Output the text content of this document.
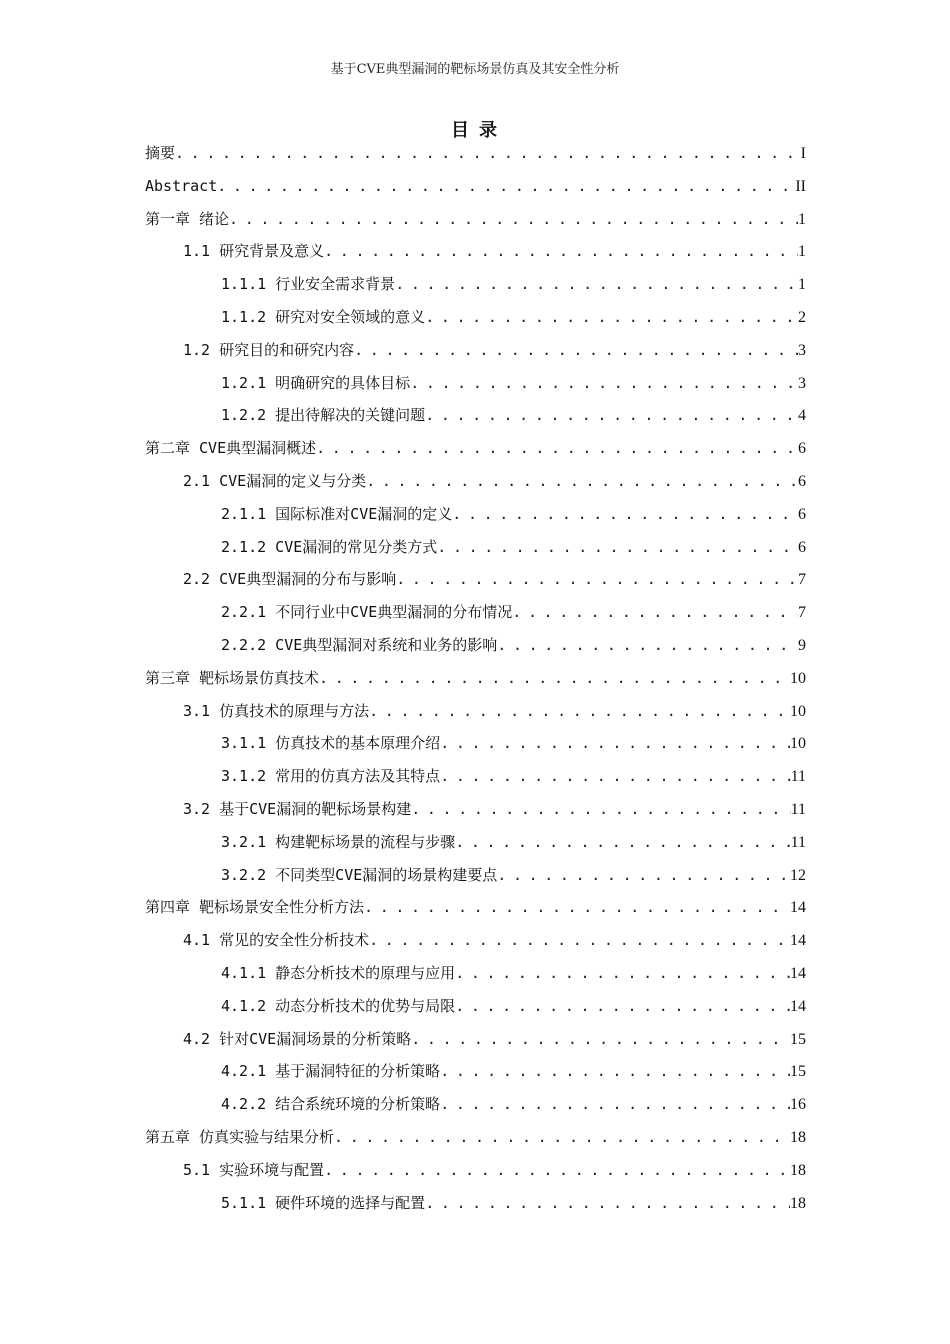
基于CVE典型漏洞的靶标场景仿真及其安全性分析
目录
摘要 . . .	I
Abstract . . .	II
第一章 绪论 . . .	1
1.1 研究背景及意义 . . .	1
1.1.1 行业安全需求背景 . . .	1
1.1.2 研究对安全领域的意义 . . .	2
1.2 研究目的和研究内容 . . .	3
1.2.1 明确研究的具体目标 . . .	3
1.2.2 提出待解决的关键问题 . . .	4
第二章 CVE典型漏洞概述 . . .	6
2.1 CVE漏洞的定义与分类 . . .	6
2.1.1 国际标准对CVE漏洞的定义 . . .	6
2.1.2 CVE漏洞的常见分类方式 . . .	6
2.2 CVE典型漏洞的分布与影响 . . .	7
2.2.1 不同行业中CVE典型漏洞的分布情况 . . .	7
2.2.2 CVE典型漏洞对系统和业务的影响 . . .	9
第三章 靶标场景仿真技术 . . .	10
3.1 仿真技术的原理与方法 . . .	10
3.1.1 仿真技术的基本原理介绍 . . .	10
3.1.2 常用的仿真方法及其特点 . . .	11
3.2 基于CVE漏洞的靶标场景构建 . . .	11
3.2.1 构建靶标场景的流程与步骤 . . .	11
3.2.2 不同类型CVE漏洞的场景构建要点 . . .	12
第四章 靶标场景安全性分析方法 . . .	14
4.1 常见的安全性分析技术 . . .	14
4.1.1 静态分析技术的原理与应用 . . .	14
4.1.2 动态分析技术的优势与局限 . . .	14
4.2 针对CVE漏洞场景的分析策略 . . .	15
4.2.1 基于漏洞特征的分析策略 . . .	15
4.2.2 结合系统环境的分析策略 . . .	16
第五章 仿真实验与结果分析 . . .	18
5.1 实验环境与配置 . . .	18
5.1.1 硬件环境的选择与配置 . . .	18
